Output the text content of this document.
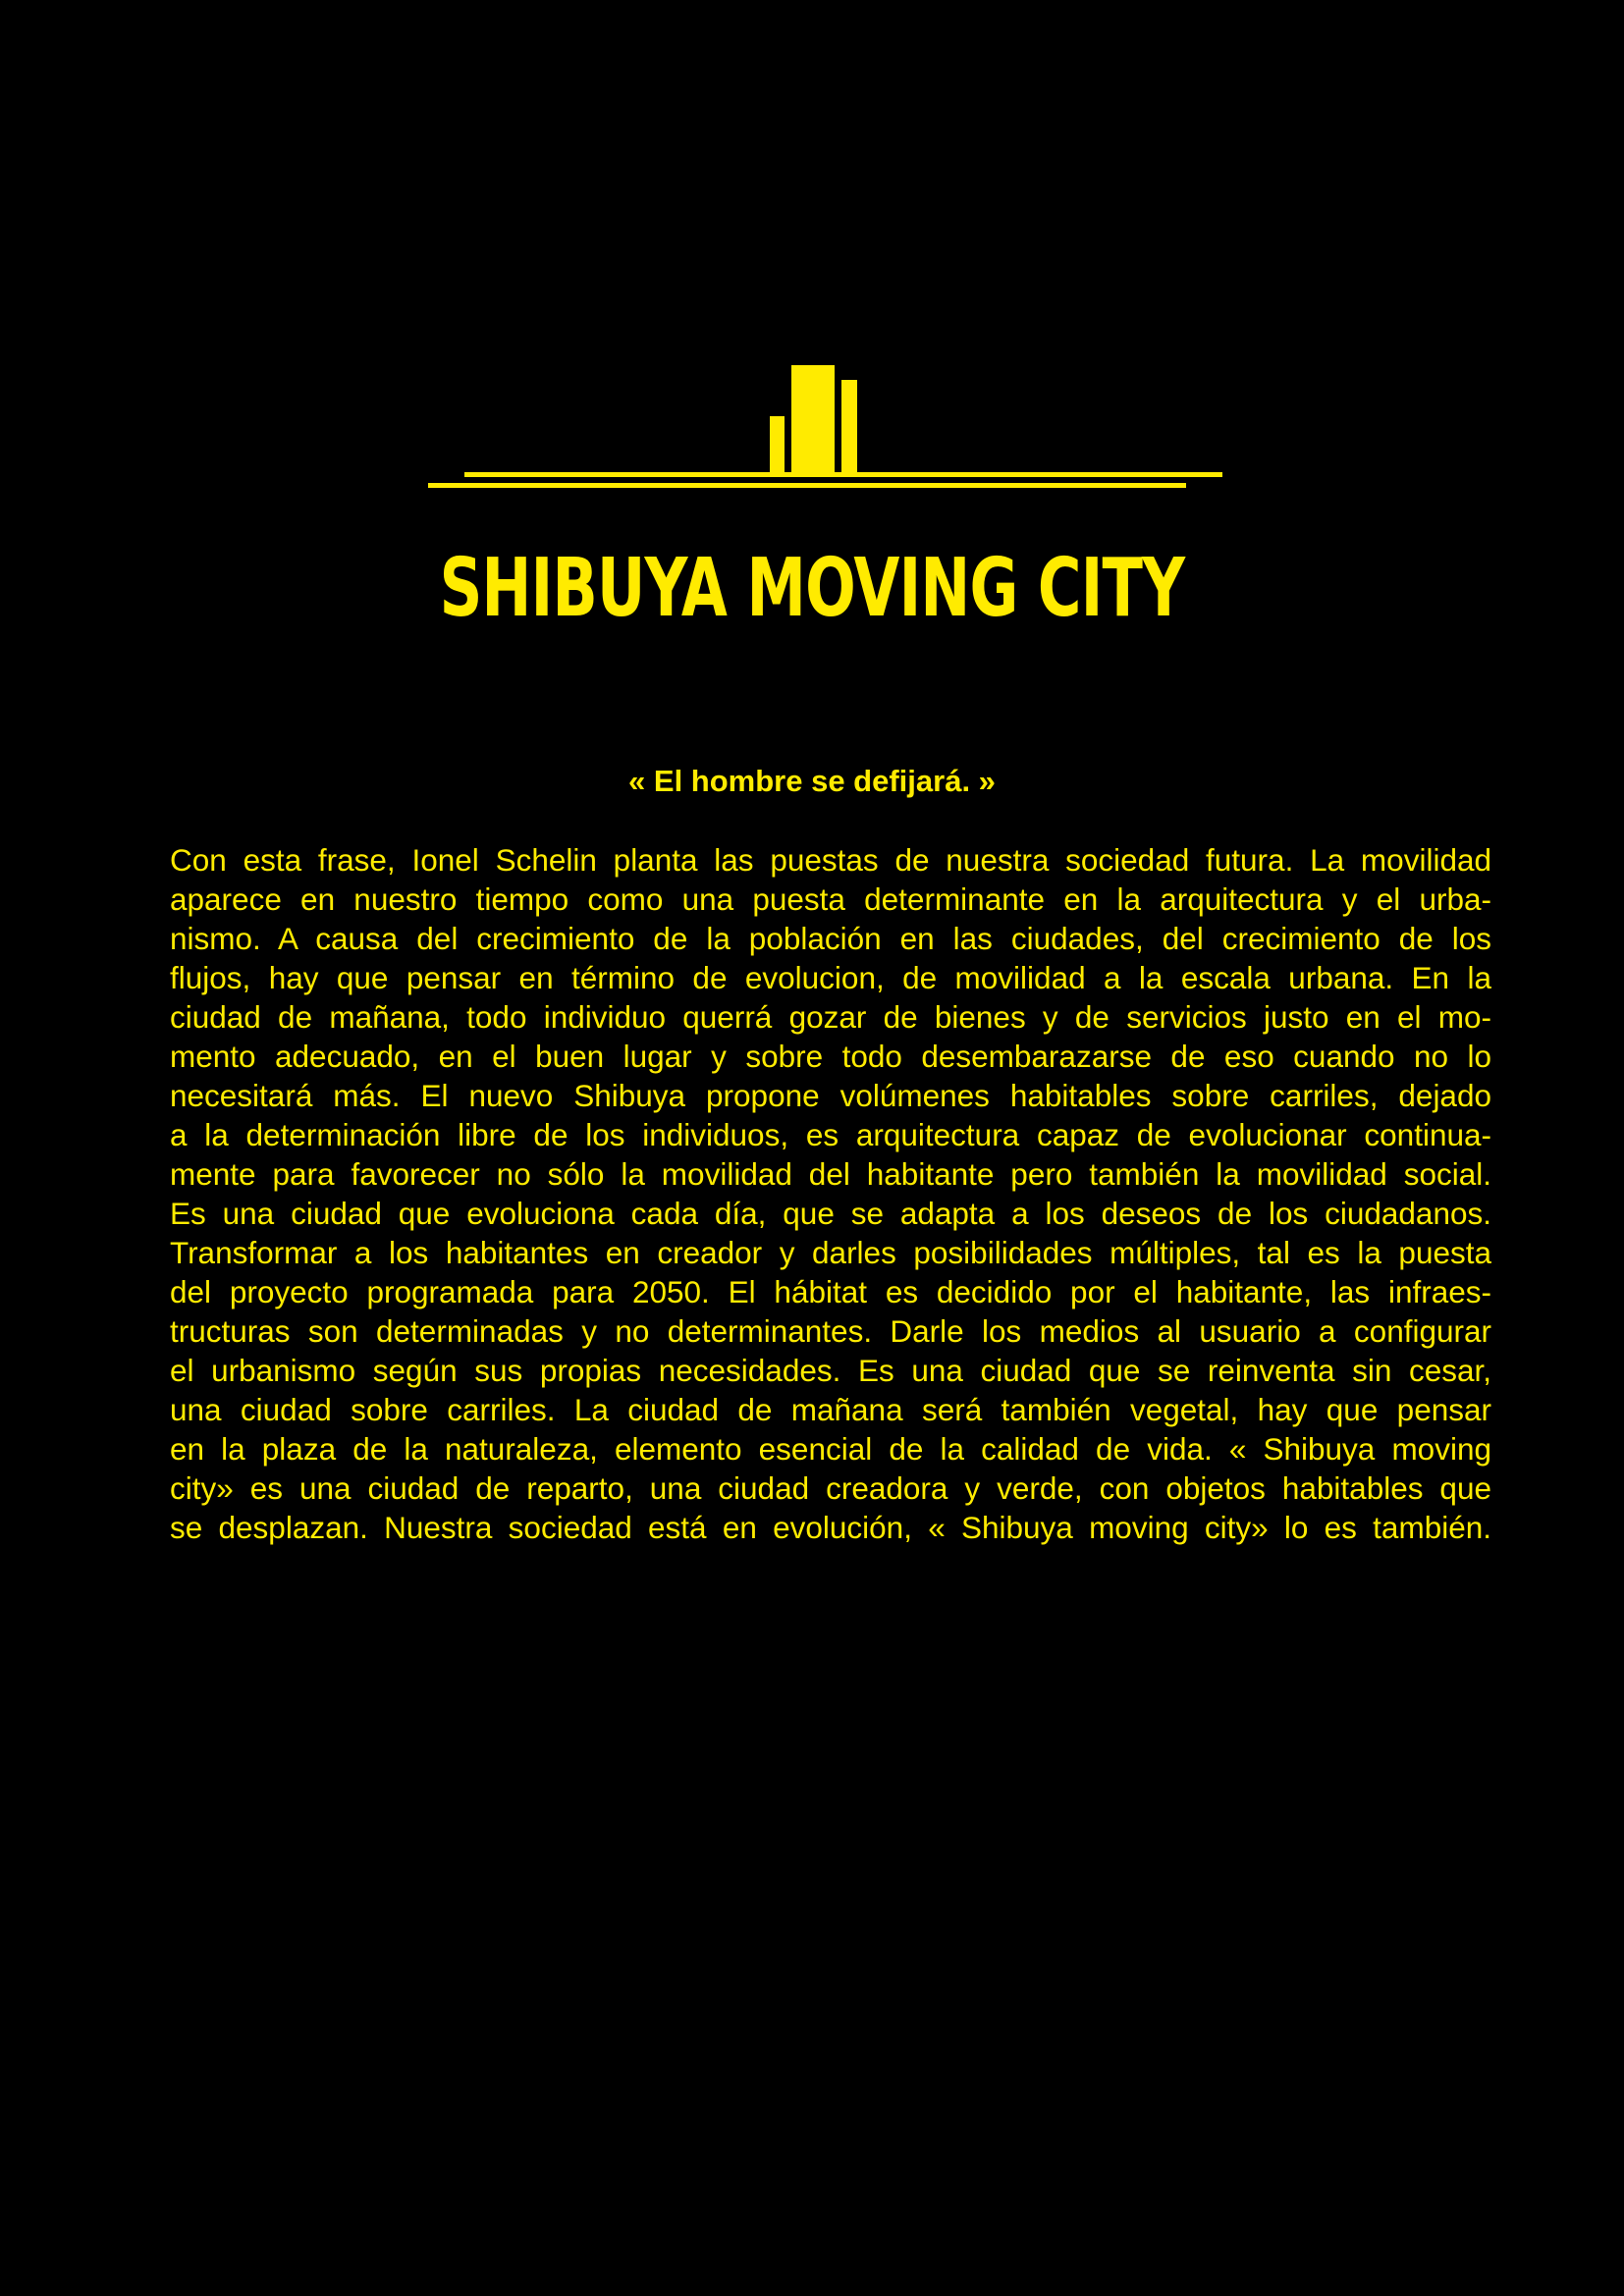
SHIBUYA MOVING CITY

« El hombre se defijará. »

Con esta frase, Ionel Schelin planta las puestas de nuestra sociedad futura. La movilidad
aparece en nuestro tiempo como una puesta determinante en la arquitectura y el urba-
nismo. A causa del crecimiento de la población en las ciudades, del crecimiento de los
flujos, hay que pensar en término de evolucion, de movilidad a la escala urbana. En la
ciudad de mañana, todo individuo querrá gozar de bienes y de servicios justo en el mo-
mento adecuado, en el buen lugar y sobre todo desembarazarse de eso cuando no lo
necesitará más. El nuevo Shibuya propone volúmenes habitables sobre carriles, dejado
a la determinación libre de los individuos, es arquitectura capaz de evolucionar continua-
mente para favorecer no sólo la movilidad del habitante pero también la movilidad social.
Es una ciudad que evoluciona cada día, que se adapta a los deseos de los ciudadanos.
Transformar a los habitantes en creador y darles posibilidades múltiples, tal es la puesta
del proyecto programada para 2050. El hábitat es decidido por el habitante, las infraes-
tructuras son determinadas y no determinantes. Darle los medios al usuario a configurar
el urbanismo según sus propias necesidades. Es una ciudad que se reinventa sin cesar,
una ciudad sobre carriles. La ciudad de mañana será también vegetal, hay que pensar
en la plaza de la naturaleza, elemento esencial de la calidad de vida. « Shibuya moving
city» es una ciudad de reparto, una ciudad creadora y verde, con objetos habitables que
se desplazan. Nuestra sociedad está en evolución, « Shibuya moving city» lo es también.
